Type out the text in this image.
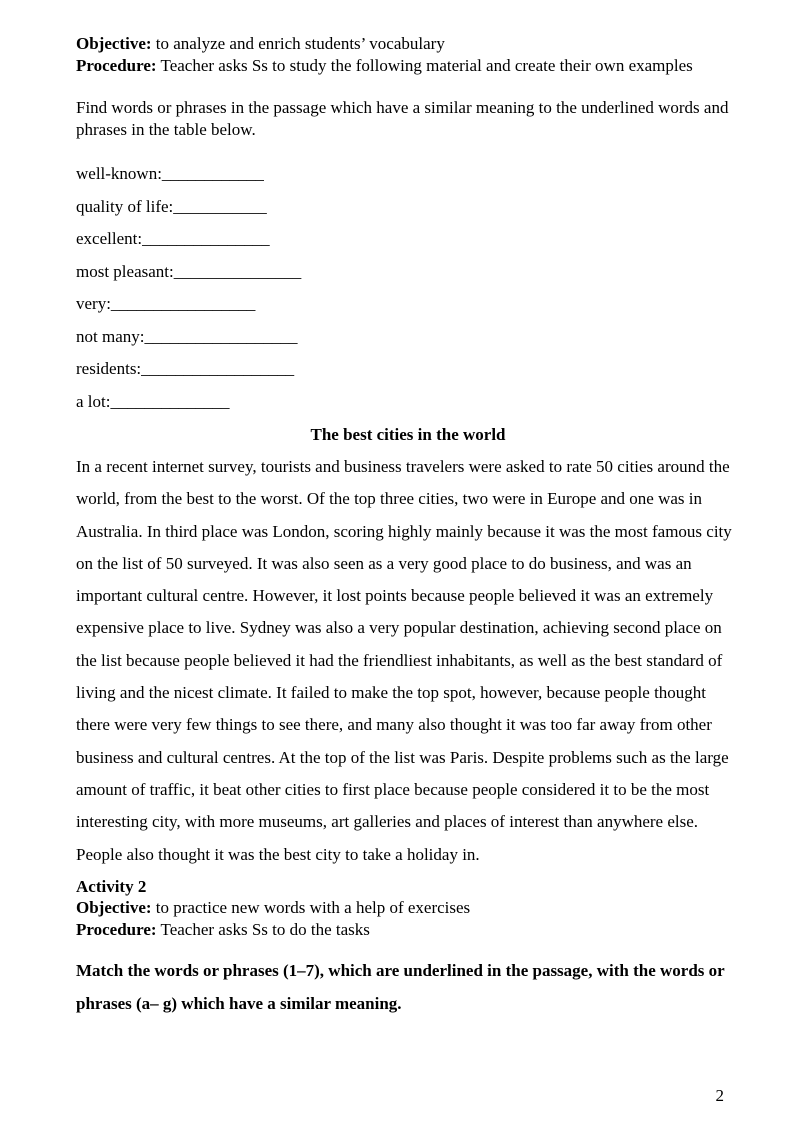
Objective: to analyze and enrich students’ vocabulary

Procedure: Teacher asks Ss to study the following material and create their own examples

Find words or phrases in the passage which have a similar meaning to the underlined words and phrases in the table below.
well-known:____________
quality of life:___________
excellent:_______________
most pleasant:_______________
very:_________________
not many:__________________
residents:__________________
a lot:______________
The best cities in the world
In a recent internet survey, tourists and business travelers were asked to rate 50 cities around the world, from the best to the worst. Of the top three cities, two were in Europe and one was in Australia. In third place was London, scoring highly mainly because it was the most famous city on the list of 50 surveyed. It was also seen as a very good place to do business, and was an important cultural centre. However, it lost points because people believed it was an extremely expensive place to live. Sydney was also a very popular destination, achieving second place on the list because people believed it had the friendliest inhabitants, as well as the best standard of living and the nicest climate. It failed to make the top spot, however, because people thought there were very few things to see there, and many also thought it was too far away from other business and cultural centres. At the top of the list was Paris. Despite problems such as the large amount of traffic, it beat other cities to first place because people considered it to be the most interesting city, with more museums, art galleries and places of interest than anywhere else. People also thought it was the best city to take a holiday in.

Activity 2

Objective: to practice new words with a help of exercises

Procedure: Teacher asks Ss to do the tasks

Match the words or phrases (1–7), which are underlined in the passage, with the words or phrases (a– g) which have a similar meaning.
2
